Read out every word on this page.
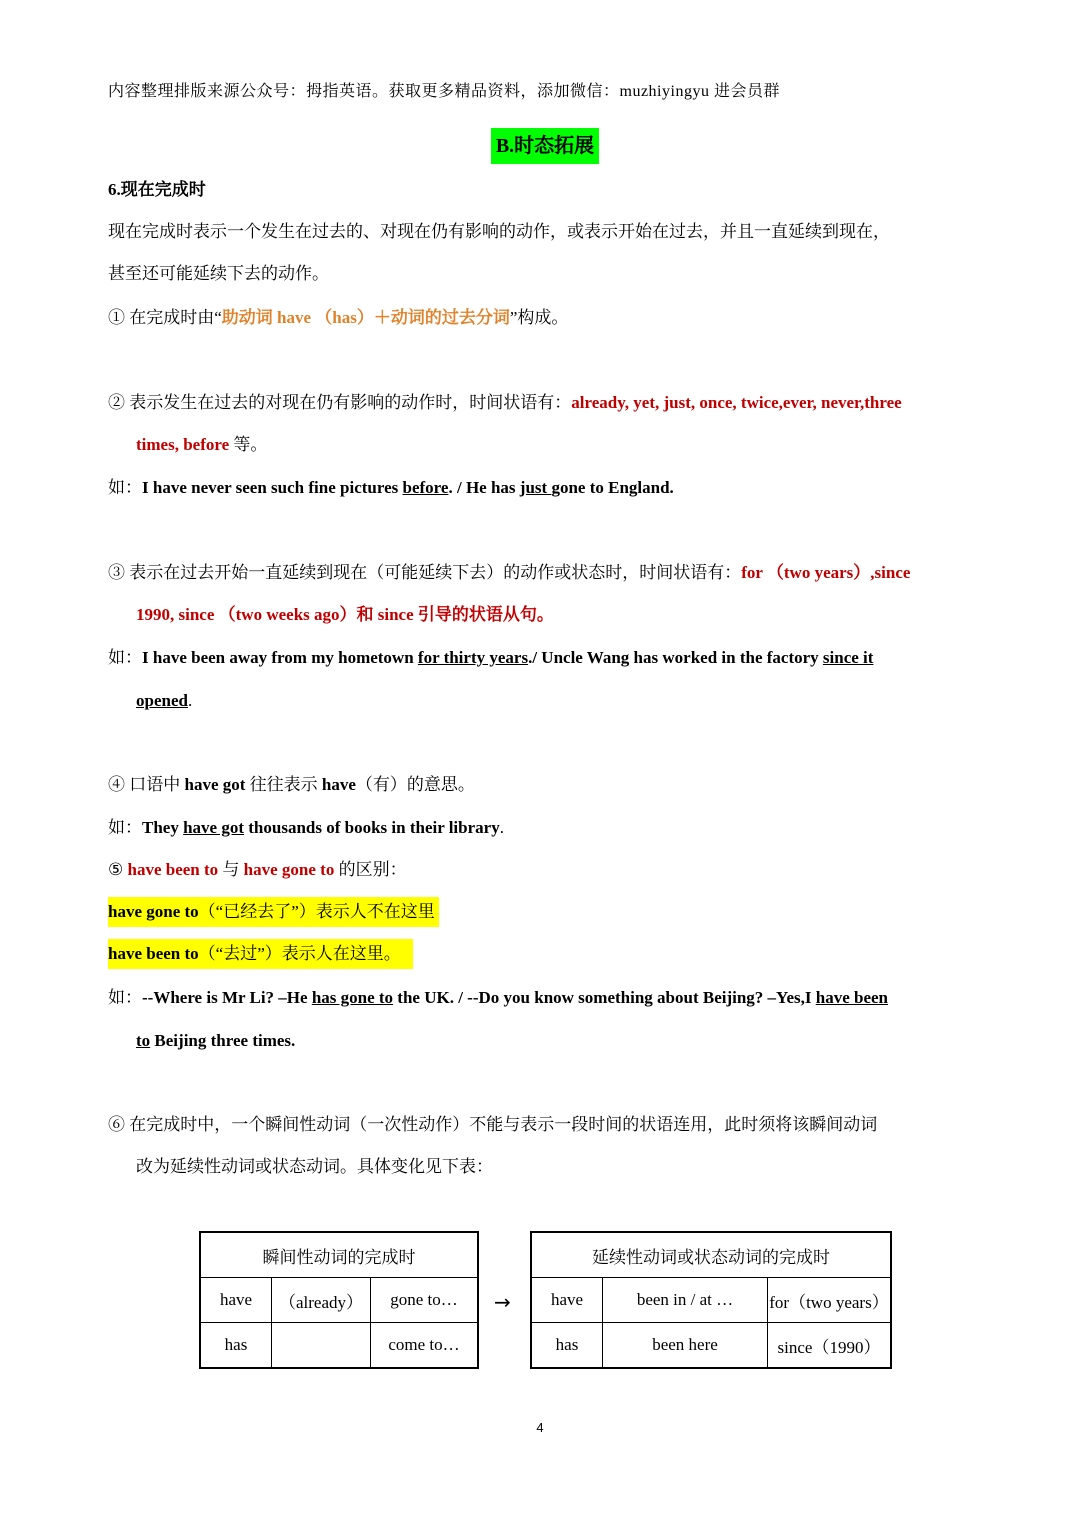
内容整理排版来源公众号：拇指英语。获取更多精品资料，添加微信：muzhiyingyu 进会员群
B.时态拓展
6.现在完成时
现在完成时表示一个发生在过去的、对现在仍有影响的动作，或表示开始在过去，并且一直延续到现在，
甚至还可能延续下去的动作。
① 在完成时由“助动词 have （has）＋动词的过去分词”构成。
② 表示发生在过去的对现在仍有影响的动作时，时间状语有：already, yet, just, once, twice,ever, never,three
times, before 等。
如：I have never seen such fine pictures before. / He has just gone to England.
③ 表示在过去开始一直延续到现在（可能延续下去）的动作或状态时，时间状语有：for （two years）,since
1990, since （two weeks ago）和 since 引导的状语从句。
如：I have been away from my hometown for thirty years./ Uncle Wang has worked in the factory since it
opened.
④ 口语中 have got 往往表示 have（有）的意思。
如：They have got thousands of books in their library.
⑤ have been to 与 have gone to 的区别：
have gone to（“已经去了”）表示人不在这里
have been to（“去过”）表示人在这里。
如：--Where is Mr Li? –He has gone to the UK. / --Do you know something about Beijing? –Yes,I have been
to Beijing three times.
⑥ 在完成时中，一个瞬间性动词（一次性动作）不能与表示一段时间的状语连用，此时须将该瞬间动词
改为延续性动词或状态动词。具体变化见下表：
瞬间性动词的完成时		
have	（already）	gone to…
has		come to…
→
延续性动词或状态动词的完成时		
have	been in / at …	for（two years）
has	been here	since（1990）
4
